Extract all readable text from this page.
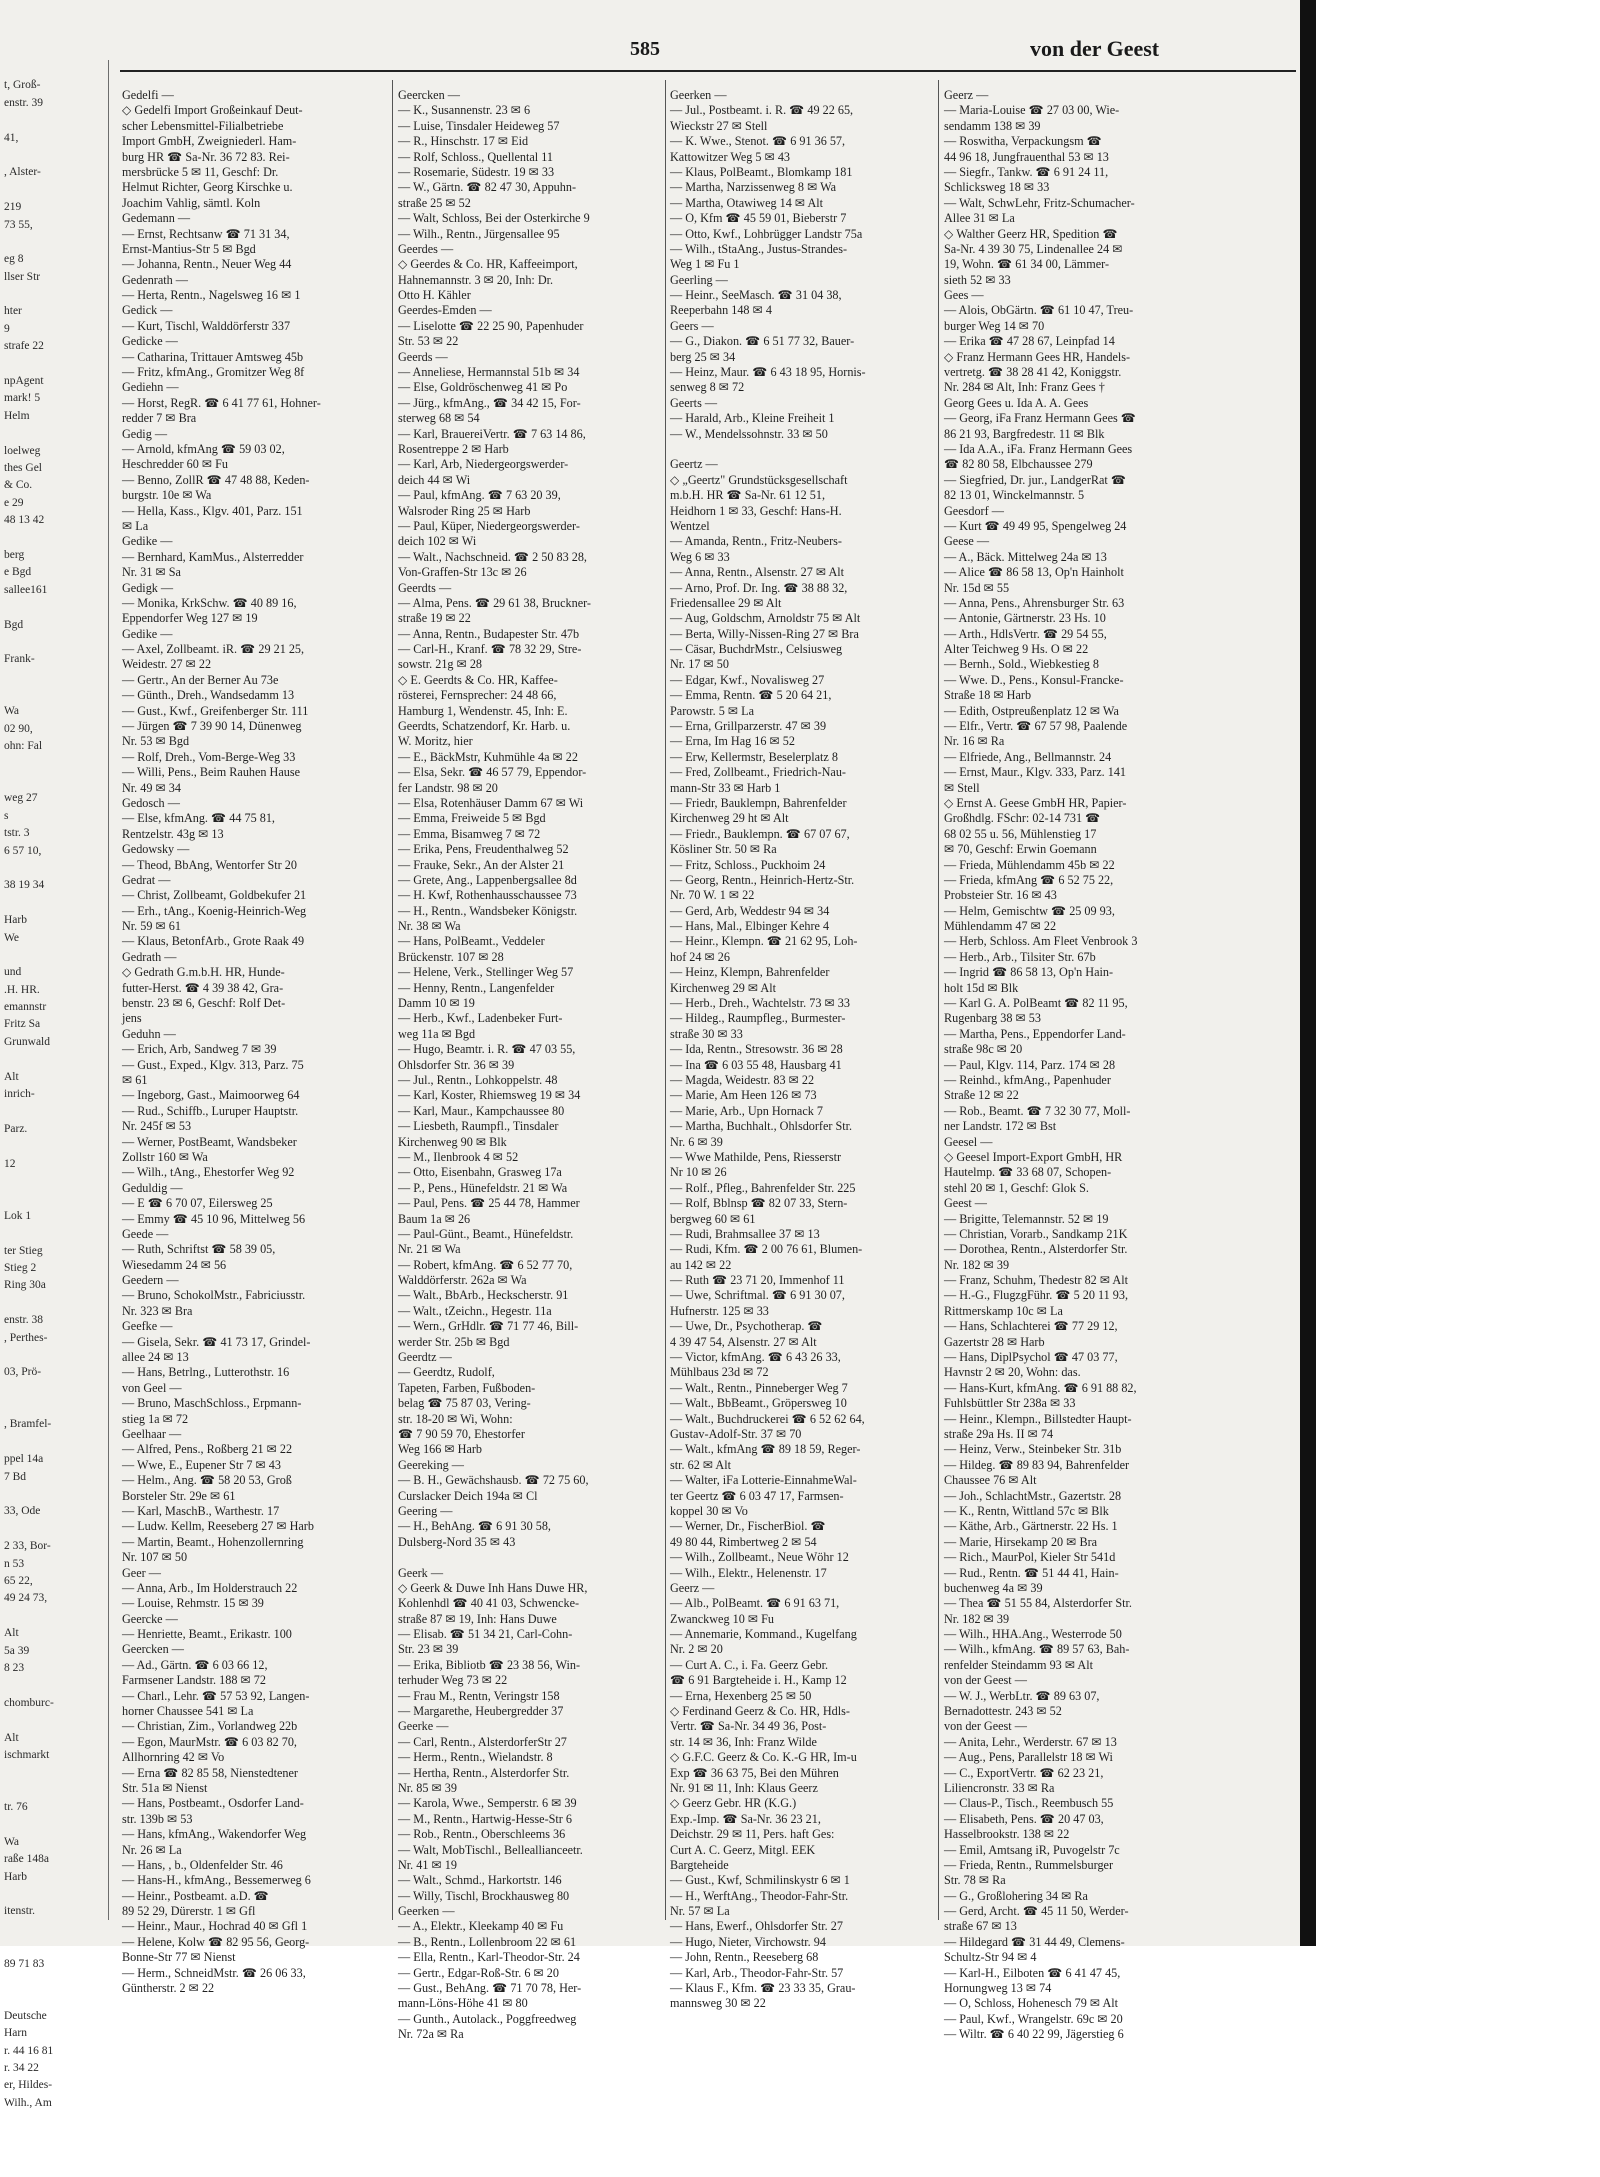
t, Groß-
enstr. 39
41,
, Alster-
219
73 55,
eg 8
llser Str
hter
9
strafe 22
npAgent
mark! 5
Helm
loelweg
thes Gel
& Co.
e 29
48 13 42
berg
e Bgd
sallee161
Bgd
Frank-
Wa
02 90,
ohn: Fal
weg 27
s
tstr. 3
6 57 10,
38 19 34
Harb
We
und
.H. HR.
emannstr
Fritz Sa
Grunwald
Alt
inrich-
Parz.
12
Lok 1
ter Stieg
Stieg 2
Ring 30a
enstr. 38
, Perthes-
03, Prö-
, Bramfel-
ppel 14a
7 Bd
33, Ode
2 33, Bor-
n 53
65 22,
49 24 73,
Alt
5a 39
8 23
chomburc-
Alt
ischmarkt
tr. 76
Wa
raße 148a
Harb
itenstr.
89 71 83
Deutsche
Harn
r. 44 16 81
r. 34 22
er, Hildes-
Wilh., Am
585	von der Geest
Gedelfi —
◇ Gedelfi Import Großeinkauf Deut-
scher Lebensmittel-Filialbetriebe
Import GmbH, Zweigniederl. Ham-
burg HR ☎ Sa-Nr. 36 72 83. Rei-
mersbrücke 5 ✉ 11, Geschf: Dr.
Helmut Richter, Georg Kirschke u.
Joachim Vahlig, sämtl. Koln
Gedemann —
— Ernst, Rechtsanw ☎ 71 31 34,
Ernst-Mantius-Str 5 ✉ Bgd
— Johanna, Rentn., Neuer Weg 44
Gedenrath —
— Herta, Rentn., Nagelsweg 16 ✉ 1
Gedick —
— Kurt, Tischl, Walddörferstr 337
Gedicke —
— Catharina, Trittauer Amtsweg 45b
— Fritz, kfmAng., Gromitzer Weg 8f
Gediehn —
— Horst, RegR. ☎ 6 41 77 61, Hohner-
redder 7 ✉ Bra
Gedig —
— Arnold, kfmAng ☎ 59 03 02,
Heschredder 60 ✉ Fu
— Benno, ZollR ☎ 47 48 88, Keden-
burgstr. 10e ✉ Wa
— Hella, Kass., Klgv. 401, Parz. 151
✉ La
Gedike —
— Bernhard, KamMus., Alsterredder
Nr. 31 ✉ Sa
Gedigk —
— Monika, KrkSchw. ☎ 40 89 16,
Eppendorfer Weg 127 ✉ 19
Gedike —
— Axel, Zollbeamt. iR. ☎ 29 21 25,
Weidestr. 27 ✉ 22
— Gertr., An der Berner Au 73e
— Günth., Dreh., Wandsedamm 13
— Gust., Kwf., Greifenberger Str. 111
— Jürgen ☎ 7 39 90 14, Dünenweg
Nr. 53 ✉ Bgd
— Rolf, Dreh., Vom-Berge-Weg 33
— Willi, Pens., Beim Rauhen Hause
Nr. 49 ✉ 34
Gedosch —
— Else, kfmAng. ☎ 44 75 81,
Rentzelstr. 43g ✉ 13
Gedowsky —
— Theod, BbAng, Wentorfer Str 20
Gedrat —
— Christ, Zollbeamt, Goldbekufer 21
— Erh., tAng., Koenig-Heinrich-Weg
Nr. 59 ✉ 61
— Klaus, BetonfArb., Grote Raak 49
Gedrath —
◇ Gedrath G.m.b.H. HR, Hunde-
futter-Herst. ☎ 4 39 38 42, Gra-
benstr. 23 ✉ 6, Geschf: Rolf Det-
jens
Geduhn —
— Erich, Arb, Sandweg 7 ✉ 39
— Gust., Exped., Klgv. 313, Parz. 75
✉ 61
— Ingeborg, Gast., Maimoorweg 64
— Rud., Schiffb., Luruper Hauptstr.
Nr. 245f ✉ 53
— Werner, PostBeamt, Wandsbeker
Zollstr 160 ✉ Wa
— Wilh., tAng., Ehestorfer Weg 92
Geduldig —
— E ☎ 6 70 07, Eilersweg 25
— Emmy ☎ 45 10 96, Mittelweg 56
Geede —
— Ruth, Schriftst ☎ 58 39 05,
Wiesedamm 24 ✉ 56
Geedern —
— Bruno, SchokolMstr., Fabriciusstr.
Nr. 323 ✉ Bra
Geefke —
— Gisela, Sekr. ☎ 41 73 17, Grindel-
allee 24 ✉ 13
— Hans, Betrlng., Lutterothstr. 16
von Geel —
— Bruno, MaschSchloss., Erpmann-
stieg 1a ✉ 72
Geelhaar —
— Alfred, Pens., Roßberg 21 ✉ 22
— Wwe, E., Eupener Str 7 ✉ 43
— Helm., Ang. ☎ 58 20 53, Groß
Borsteler Str. 29e ✉ 61
— Karl, MaschB., Warthestr. 17
— Ludw. Kellm, Reeseberg 27 ✉ Harb
— Martin, Beamt., Hohenzollernring
Nr. 107 ✉ 50
Geer —
— Anna, Arb., Im Holderstrauch 22
— Louise, Rehmstr. 15 ✉ 39
Geercke —
— Henriette, Beamt., Erikastr. 100
Geercken —
— Ad., Gärtn. ☎ 6 03 66 12,
Farmsener Landstr. 188 ✉ 72
— Charl., Lehr. ☎ 57 53 92, Langen-
horner Chaussee 541 ✉ La
— Christian, Zim., Vorlandweg 22b
— Egon, MaurMstr. ☎ 6 03 82 70,
Allhornring 42 ✉ Vo
— Erna ☎ 82 85 58, Nienstedtener
Str. 51a ✉ Nienst
— Hans, Postbeamt., Osdorfer Land-
str. 139b ✉ 53
— Hans, kfmAng., Wakendorfer Weg
Nr. 26 ✉ La
— Hans, , b., Oldenfelder Str. 46
— Hans-H., kfmAng., Bessemerweg 6
— Heinr., Postbeamt. a.D. ☎
89 52 29, Dürerstr. 1 ✉ Gfl
— Heinr., Maur., Hochrad 40 ✉ Gfl 1
— Helene, Kolw ☎ 82 95 56, Georg-
Bonne-Str 77 ✉ Nienst
— Herm., SchneidMstr. ☎ 26 06 33,
Güntherstr. 2 ✉ 22
Geercken —
— K., Susannenstr. 23 ✉ 6
— Luise, Tinsdaler Heideweg 57
— R., Hinschstr. 17 ✉ Eid
— Rolf, Schloss., Quellental 11
— Rosemarie, Südestr. 19 ✉ 33
— W., Gärtn. ☎ 82 47 30, Appuhn-
straße 25 ✉ 52
— Walt, Schloss, Bei der Osterkirche 9
— Wilh., Rentn., Jürgensallee 95
Geerdes —
◇ Geerdes & Co. HR, Kaffeeimport,
Hahnemannstr. 3 ✉ 20, Inh: Dr.
Otto H. Kähler
Geerdes-Emden —
— Liselotte ☎ 22 25 90, Papenhuder
Str. 53 ✉ 22
Geerds —
— Anneliese, Hermannstal 51b ✉ 34
— Else, Goldröschenweg 41 ✉ Po
— Jürg., kfmAng., ☎ 34 42 15, For-
sterweg 68 ✉ 54
— Karl, BrauereiVertr. ☎ 7 63 14 86,
Rosentreppe 2 ✉ Harb
— Karl, Arb, Niedergeorgswerder-
deich 44 ✉ Wi
— Paul, kfmAng. ☎ 7 63 20 39,
Walsroder Ring 25 ✉ Harb
— Paul, Küper, Niedergeorgswerder-
deich 102 ✉ Wi
— Walt., Nachschneid. ☎ 2 50 83 28,
Von-Graffen-Str 13c ✉ 26
Geerdts —
— Alma, Pens. ☎ 29 61 38, Bruckner-
straße 19 ✉ 22
— Anna, Rentn., Budapester Str. 47b
— Carl-H., Kranf. ☎ 78 32 29, Stre-
sowstr. 21g ✉ 28
◇ E. Geerdts & Co. HR, Kaffee-
rösterei, Fernsprecher: 24 48 66,
Hamburg 1, Wendenstr. 45, Inh: E.
Geerdts, Schatzendorf, Kr. Harb. u.
W. Moritz, hier
— E., BäckMstr, Kuhmühle 4a ✉ 22
— Elsa, Sekr. ☎ 46 57 79, Eppendor-
fer Landstr. 98 ✉ 20
— Elsa, Rotenhäuser Damm 67 ✉ Wi
— Emma, Freiweide 5 ✉ Bgd
— Emma, Bisamweg 7 ✉ 72
— Erika, Pens, Freudenthalweg 52
— Frauke, Sekr., An der Alster 21
— Grete, Ang., Lappenbergsallee 8d
— H. Kwf, Rothenhausschaussee 73
— H., Rentn., Wandsbeker Königstr.
Nr. 38 ✉ Wa
— Hans, PolBeamt., Veddeler
Brückenstr. 107 ✉ 28
— Helene, Verk., Stellinger Weg 57
— Henny, Rentn., Langenfelder
Damm 10 ✉ 19
— Herb., Kwf., Ladenbeker Furt-
weg 11a ✉ Bgd
— Hugo, Beamtr. i. R. ☎ 47 03 55,
Ohlsdorfer Str. 36 ✉ 39
— Jul., Rentn., Lohkoppelstr. 48
— Karl, Koster, Rhiemsweg 19 ✉ 34
— Karl, Maur., Kampchaussee 80
— Liesbeth, Raumpfl., Tinsdaler
Kirchenweg 90 ✉ Blk
— M., Ilenbrook 4 ✉ 52
— Otto, Eisenbahn, Grasweg 17a
— P., Pens., Hünefeldstr. 21 ✉ Wa
— Paul, Pens. ☎ 25 44 78, Hammer
Baum 1a ✉ 26
— Paul-Günt., Beamt., Hünefeldstr.
Nr. 21 ✉ Wa
— Robert, kfmAng. ☎ 6 52 77 70,
Walddörferstr. 262a ✉ Wa
— Walt., BbArb., Heckscherstr. 91
— Walt., tZeichn., Hegestr. 11a
— Wern., GrHdlr. ☎ 71 77 46, Bill-
werder Str. 25b ✉ Bgd
Geerdtz —
— Geerdtz, Rudolf,
Tapeten, Farben, Fußboden-
belag ☎ 75 87 03, Vering-
str. 18-20 ✉ Wi, Wohn:
☎ 7 90 59 70, Ehestorfer
Weg 166 ✉ Harb
Geereking —
— B. H., Gewächshausb. ☎ 72 75 60,
Curslacker Deich 194a ✉ Cl
Geering —
— H., BehAng. ☎ 6 91 30 58,
Dulsberg-Nord 35 ✉ 43
Geerk —
◇ Geerk & Duwe Inh Hans Duwe HR,
Kohlenhdl ☎ 40 41 03, Schwencke-
straße 87 ✉ 19, Inh: Hans Duwe
— Elisab. ☎ 51 34 21, Carl-Cohn-
Str. 23 ✉ 39
— Erika, Bibliotb ☎ 23 38 56, Win-
terhuder Weg 73 ✉ 22
— Frau M., Rentn, Veringstr 158
— Margarethe, Heubergredder 37
Geerke —
— Carl, Rentn., AlsterdorferStr 27
— Herm., Rentn., Wielandstr. 8
— Hertha, Rentn., Alsterdorfer Str.
Nr. 85 ✉ 39
— Karola, Wwe., Semperstr. 6 ✉ 39
— M., Rentn., Hartwig-Hesse-Str 6
— Rob., Rentn., Oberschleems 36
— Walt, MobTischl., Belleallianceetr.
Nr. 41 ✉ 19
— Walt., Schmd., Harkortstr. 146
— Willy, Tischl, Brockhausweg 80
Geerken —
— A., Elektr., Kleekamp 40 ✉ Fu
— B., Rentn., Lollenbroom 22 ✉ 61
— Ella, Rentn., Karl-Theodor-Str. 24
— Gertr., Edgar-Roß-Str. 6 ✉ 20
— Gust., BehAng. ☎ 71 70 78, Her-
mann-Löns-Höhe 41 ✉ 80
— Gunth., Autolack., Poggfreedweg
Nr. 72a ✉ Ra
Geerken —
— Jul., Postbeamt. i. R. ☎ 49 22 65,
Wieckstr 27 ✉ Stell
— K. Wwe., Stenot. ☎ 6 91 36 57,
Kattowitzer Weg 5 ✉ 43
— Klaus, PolBeamt., Blomkamp 181
— Martha, Narzissenweg 8 ✉ Wa
— Martha, Otawiweg 14 ✉ Alt
— O, Kfm ☎ 45 59 01, Bieberstr 7
— Otto, Kwf., Lohbrügger Landstr 75a
— Wilh., tStaAng., Justus-Strandes-
Weg 1 ✉ Fu 1
Geerling —
— Heinr., SeeMasch. ☎ 31 04 38,
Reeperbahn 148 ✉ 4
Geers —
— G., Diakon. ☎ 6 51 77 32, Bauer-
berg 25 ✉ 34
— Heinz, Maur. ☎ 6 43 18 95, Hornis-
senweg 8 ✉ 72
Geerts —
— Harald, Arb., Kleine Freiheit 1
— W., Mendelssohnstr. 33 ✉ 50
Geertz —
◇ „Geertz" Grundstücksgesellschaft
m.b.H. HR ☎ Sa-Nr. 61 12 51,
Heidhorn 1 ✉ 33, Geschf: Hans-H.
Wentzel
— Amanda, Rentn., Fritz-Neubers-
Weg 6 ✉ 33
— Anna, Rentn., Alsenstr. 27 ✉ Alt
— Arno, Prof. Dr. Ing. ☎ 38 88 32,
Friedensallee 29 ✉ Alt
— Aug, Goldschm, Arnoldstr 75 ✉ Alt
— Berta, Willy-Nissen-Ring 27 ✉ Bra
— Cäsar, BuchdrMstr., Celsiusweg
Nr. 17 ✉ 50
— Edgar, Kwf., Novalisweg 27
— Emma, Rentn. ☎ 5 20 64 21,
Parowstr. 5 ✉ La
— Erna, Grillparzerstr. 47 ✉ 39
— Erna, Im Hag 16 ✉ 52
— Erw, Kellermstr, Beselerplatz 8
— Fred, Zollbeamt., Friedrich-Nau-
mann-Str 33 ✉ Harb 1
— Friedr, Bauklempn, Bahrenfelder
Kirchenweg 29 ht ✉ Alt
— Friedr., Bauklempn. ☎ 67 07 67,
Kösliner Str. 50 ✉ Ra
— Fritz, Schloss., Puckhoim 24
— Georg, Rentn., Heinrich-Hertz-Str.
Nr. 70 W. 1 ✉ 22
— Gerd, Arb, Weddestr 94 ✉ 34
— Hans, Mal., Elbinger Kehre 4
— Heinr., Klempn. ☎ 21 62 95, Loh-
hof 24 ✉ 26
— Heinz, Klempn, Bahrenfelder
Kirchenweg 29 ✉ Alt
— Herb., Dreh., Wachtelstr. 73 ✉ 33
— Hildeg., Raumpfleg., Burmester-
straße 30 ✉ 33
— Ida, Rentn., Stresowstr. 36 ✉ 28
— Ina ☎ 6 03 55 48, Hausbarg 41
— Magda, Weidestr. 83 ✉ 22
— Marie, Am Heen 126 ✉ 73
— Marie, Arb., Upn Hornack 7
— Martha, Buchhalt., Ohlsdorfer Str.
Nr. 6 ✉ 39
— Wwe Mathilde, Pens, Riesserstr
Nr 10 ✉ 26
— Rolf., Pfleg., Bahrenfelder Str. 225
— Rolf, Bblnsp ☎ 82 07 33, Stern-
bergweg 60 ✉ 61
— Rudi, Brahmsallee 37 ✉ 13
— Rudi, Kfm. ☎ 2 00 76 61, Blumen-
au 142 ✉ 22
— Ruth ☎ 23 71 20, Immenhof 11
— Uwe, Schriftmal. ☎ 6 91 30 07,
Hufnerstr. 125 ✉ 33
— Uwe, Dr., Psychotherap. ☎
4 39 47 54, Alsenstr. 27 ✉ Alt
— Victor, kfmAng. ☎ 6 43 26 33,
Mühlbaus 23d ✉ 72
— Walt., Rentn., Pinneberger Weg 7
— Walt., BbBeamt., Gröpersweg 10
— Walt., Buchdruckerei ☎ 6 52 62 64,
Gustav-Adolf-Str. 37 ✉ 70
— Walt., kfmAng ☎ 89 18 59, Reger-
str. 62 ✉ Alt
— Walter, iFa Lotterie-EinnahmeWal-
ter Geertz ☎ 6 03 47 17, Farmsen-
koppel 30 ✉ Vo
— Werner, Dr., FischerBiol. ☎
49 80 44, Rimbertweg 2 ✉ 54
— Wilh., Zollbeamt., Neue Wöhr 12
— Wilh., Elektr., Helenenstr. 17
Geerz —
— Alb., PolBeamt. ☎ 6 91 63 71,
Zwanckweg 10 ✉ Fu
— Annemarie, Kommand., Kugelfang
Nr. 2 ✉ 20
— Curt A. C., i. Fa. Geerz Gebr.
☎ 6 91 Bargteheide i. H., Kamp 12
— Erna, Hexenberg 25 ✉ 50
◇ Ferdinand Geerz & Co. HR, Hdls-
Vertr. ☎ Sa-Nr. 34 49 36, Post-
str. 14 ✉ 36, Inh: Franz Wilde
◇ G.F.C. Geerz & Co. K.-G HR, Im-u
Exp ☎ 36 63 75, Bei den Mühren
Nr. 91 ✉ 11, Inh: Klaus Geerz
◇ Geerz Gebr. HR (K.G.)
Exp.-Imp. ☎ Sa-Nr. 36 23 21,
Deichstr. 29 ✉ 11, Pers. haft Ges:
Curt A. C. Geerz, Mitgl. EEK
Bargteheide
— Gust., Kwf, Schmilinskystr 6 ✉ 1
— H., WerftAng., Theodor-Fahr-Str.
Nr. 57 ✉ La
— Hans, Ewerf., Ohlsdorfer Str. 27
— Hugo, Nieter, Virchowstr. 94
— John, Rentn., Reeseberg 68
— Karl, Arb., Theodor-Fahr-Str. 57
— Klaus F., Kfm. ☎ 23 33 35, Grau-
mannsweg 30 ✉ 22
Geerz —
— Maria-Louise ☎ 27 03 00, Wie-
sendamm 138 ✉ 39
— Roswitha, Verpackungsm ☎
44 96 18, Jungfrauenthal 53 ✉ 13
— Siegfr., Tankw. ☎ 6 91 24 11,
Schlicksweg 18 ✉ 33
— Walt, SchwLehr, Fritz-Schumacher-
Allee 31 ✉ La
◇ Walther Geerz HR, Spedition ☎
Sa-Nr. 4 39 30 75, Lindenallee 24 ✉
19, Wohn. ☎ 61 34 00, Lämmer-
sieth 52 ✉ 33
Gees —
— Alois, ObGärtn. ☎ 61 10 47, Treu-
burger Weg 14 ✉ 70
— Erika ☎ 47 28 67, Leinpfad 14
◇ Franz Hermann Gees HR, Handels-
vertretg. ☎ 38 28 41 42, Koniggstr.
Nr. 284 ✉ Alt, Inh: Franz Gees †
Georg Gees u. Ida A. A. Gees
— Georg, iFa Franz Hermann Gees ☎
86 21 93, Bargfredestr. 11 ✉ Blk
— Ida A.A., iFa. Franz Hermann Gees
☎ 82 80 58, Elbchaussee 279
— Siegfried, Dr. jur., LandgerRat ☎
82 13 01, Winckelmannstr. 5
Geesdorf —
— Kurt ☎ 49 49 95, Spengelweg 24
Geese —
— A., Bäck. Mittelweg 24a ✉ 13
— Alice ☎ 86 58 13, Op'n Hainholt
Nr. 15d ✉ 55
— Anna, Pens., Ahrensburger Str. 63
— Antonie, Gärtnerstr. 23 Hs. 10
— Arth., HdlsVertr. ☎ 29 54 55,
Alter Teichweg 9 Hs. O ✉ 22
— Bernh., Sold., Wiebkestieg 8
— Wwe. D., Pens., Konsul-Francke-
Straße 18 ✉ Harb
— Edith, Ostpreußenplatz 12 ✉ Wa
— Elfr., Vertr. ☎ 67 57 98, Paalende
Nr. 16 ✉ Ra
— Elfriede, Ang., Bellmannstr. 24
— Ernst, Maur., Klgv. 333, Parz. 141
✉ Stell
◇ Ernst A. Geese GmbH HR, Papier-
Großhdlg. FSchr: 02-14 731 ☎
68 02 55 u. 56, Mühlenstieg 17
✉ 70, Geschf: Erwin Goemann
— Frieda, Mühlendamm 45b ✉ 22
— Frieda, kfmAng ☎ 6 52 75 22,
Probsteier Str. 16 ✉ 43
— Helm, Gemischtw ☎ 25 09 93,
Mühlendamm 47 ✉ 22
— Herb, Schloss. Am Fleet Venbrook 3
— Herb., Arb., Tilsiter Str. 67b
— Ingrid ☎ 86 58 13, Op'n Hain-
holt 15d ✉ Blk
— Karl G. A. PolBeamt ☎ 82 11 95,
Rugenbarg 38 ✉ 53
— Martha, Pens., Eppendorfer Land-
straße 98c ✉ 20
— Paul, Klgv. 114, Parz. 174 ✉ 28
— Reinhd., kfmAng., Papenhuder
Straße 12 ✉ 22
— Rob., Beamt. ☎ 7 32 30 77, Moll-
ner Landstr. 172 ✉ Bst
Geesel —
◇ Geesel Import-Export GmbH, HR
Hautelmp. ☎ 33 68 07, Schopen-
stehl 20 ✉ 1, Geschf: Glok S.
Geest —
— Brigitte, Telemannstr. 52 ✉ 19
— Christian, Vorarb., Sandkamp 21K
— Dorothea, Rentn., Alsterdorfer Str.
Nr. 182 ✉ 39
— Franz, Schuhm, Thedestr 82 ✉ Alt
— H.-G., FlugzgFühr. ☎ 5 20 11 93,
Rittmerskamp 10c ✉ La
— Hans, Schlachterei ☎ 77 29 12,
Gazertstr 28 ✉ Harb
— Hans, DiplPsychol ☎ 47 03 77,
Havnstr 2 ✉ 20, Wohn: das.
— Hans-Kurt, kfmAng. ☎ 6 91 88 82,
Fuhlsbüttler Str 238a ✉ 33
— Heinr., Klempn., Billstedter Haupt-
straße 29a Hs. II ✉ 74
— Heinz, Verw., Steinbeker Str. 31b
— Hildeg. ☎ 89 83 94, Bahrenfelder
Chaussee 76 ✉ Alt
— Joh., SchlachtMstr., Gazertstr. 28
— K., Rentn, Wittland 57c ✉ Blk
— Käthe, Arb., Gärtnerstr. 22 Hs. 1
— Marie, Hirsekamp 20 ✉ Bra
— Rich., MaurPol, Kieler Str 541d
— Rud., Rentn. ☎ 51 44 41, Hain-
buchenweg 4a ✉ 39
— Thea ☎ 51 55 84, Alsterdorfer Str.
Nr. 182 ✉ 39
— Wilh., HHA.Ang., Westerrode 50
— Wilh., kfmAng. ☎ 89 57 63, Bah-
renfelder Steindamm 93 ✉ Alt
von der Geest —
— W. J., WerbLtr. ☎ 89 63 07,
Bernadottestr. 243 ✉ 52
von der Geest —
— Anita, Lehr., Werderstr. 67 ✉ 13
— Aug., Pens, Parallelstr 18 ✉ Wi
— C., ExportVertr. ☎ 62 23 21,
Liliencronstr. 33 ✉ Ra
— Claus-P., Tisch., Reembusch 55
— Elisabeth, Pens. ☎ 20 47 03,
Hasselbrookstr. 138 ✉ 22
— Emil, Amtsang iR, Puvogelstr 7c
— Frieda, Rentn., Rummelsburger
Str. 78 ✉ Ra
— G., Großlohering 34 ✉ Ra
— Gerd, Archt. ☎ 45 11 50, Werder-
straße 67 ✉ 13
— Hildegard ☎ 31 44 49, Clemens-
Schultz-Str 94 ✉ 4
— Karl-H., Eilboten ☎ 6 41 47 45,
Hornungweg 13 ✉ 74
— O, Schloss, Hohenesch 79 ✉ Alt
— Paul, Kwf., Wrangelstr. 69c ✉ 20
— Wiltr. ☎ 6 40 22 99, Jägerstieg 6
